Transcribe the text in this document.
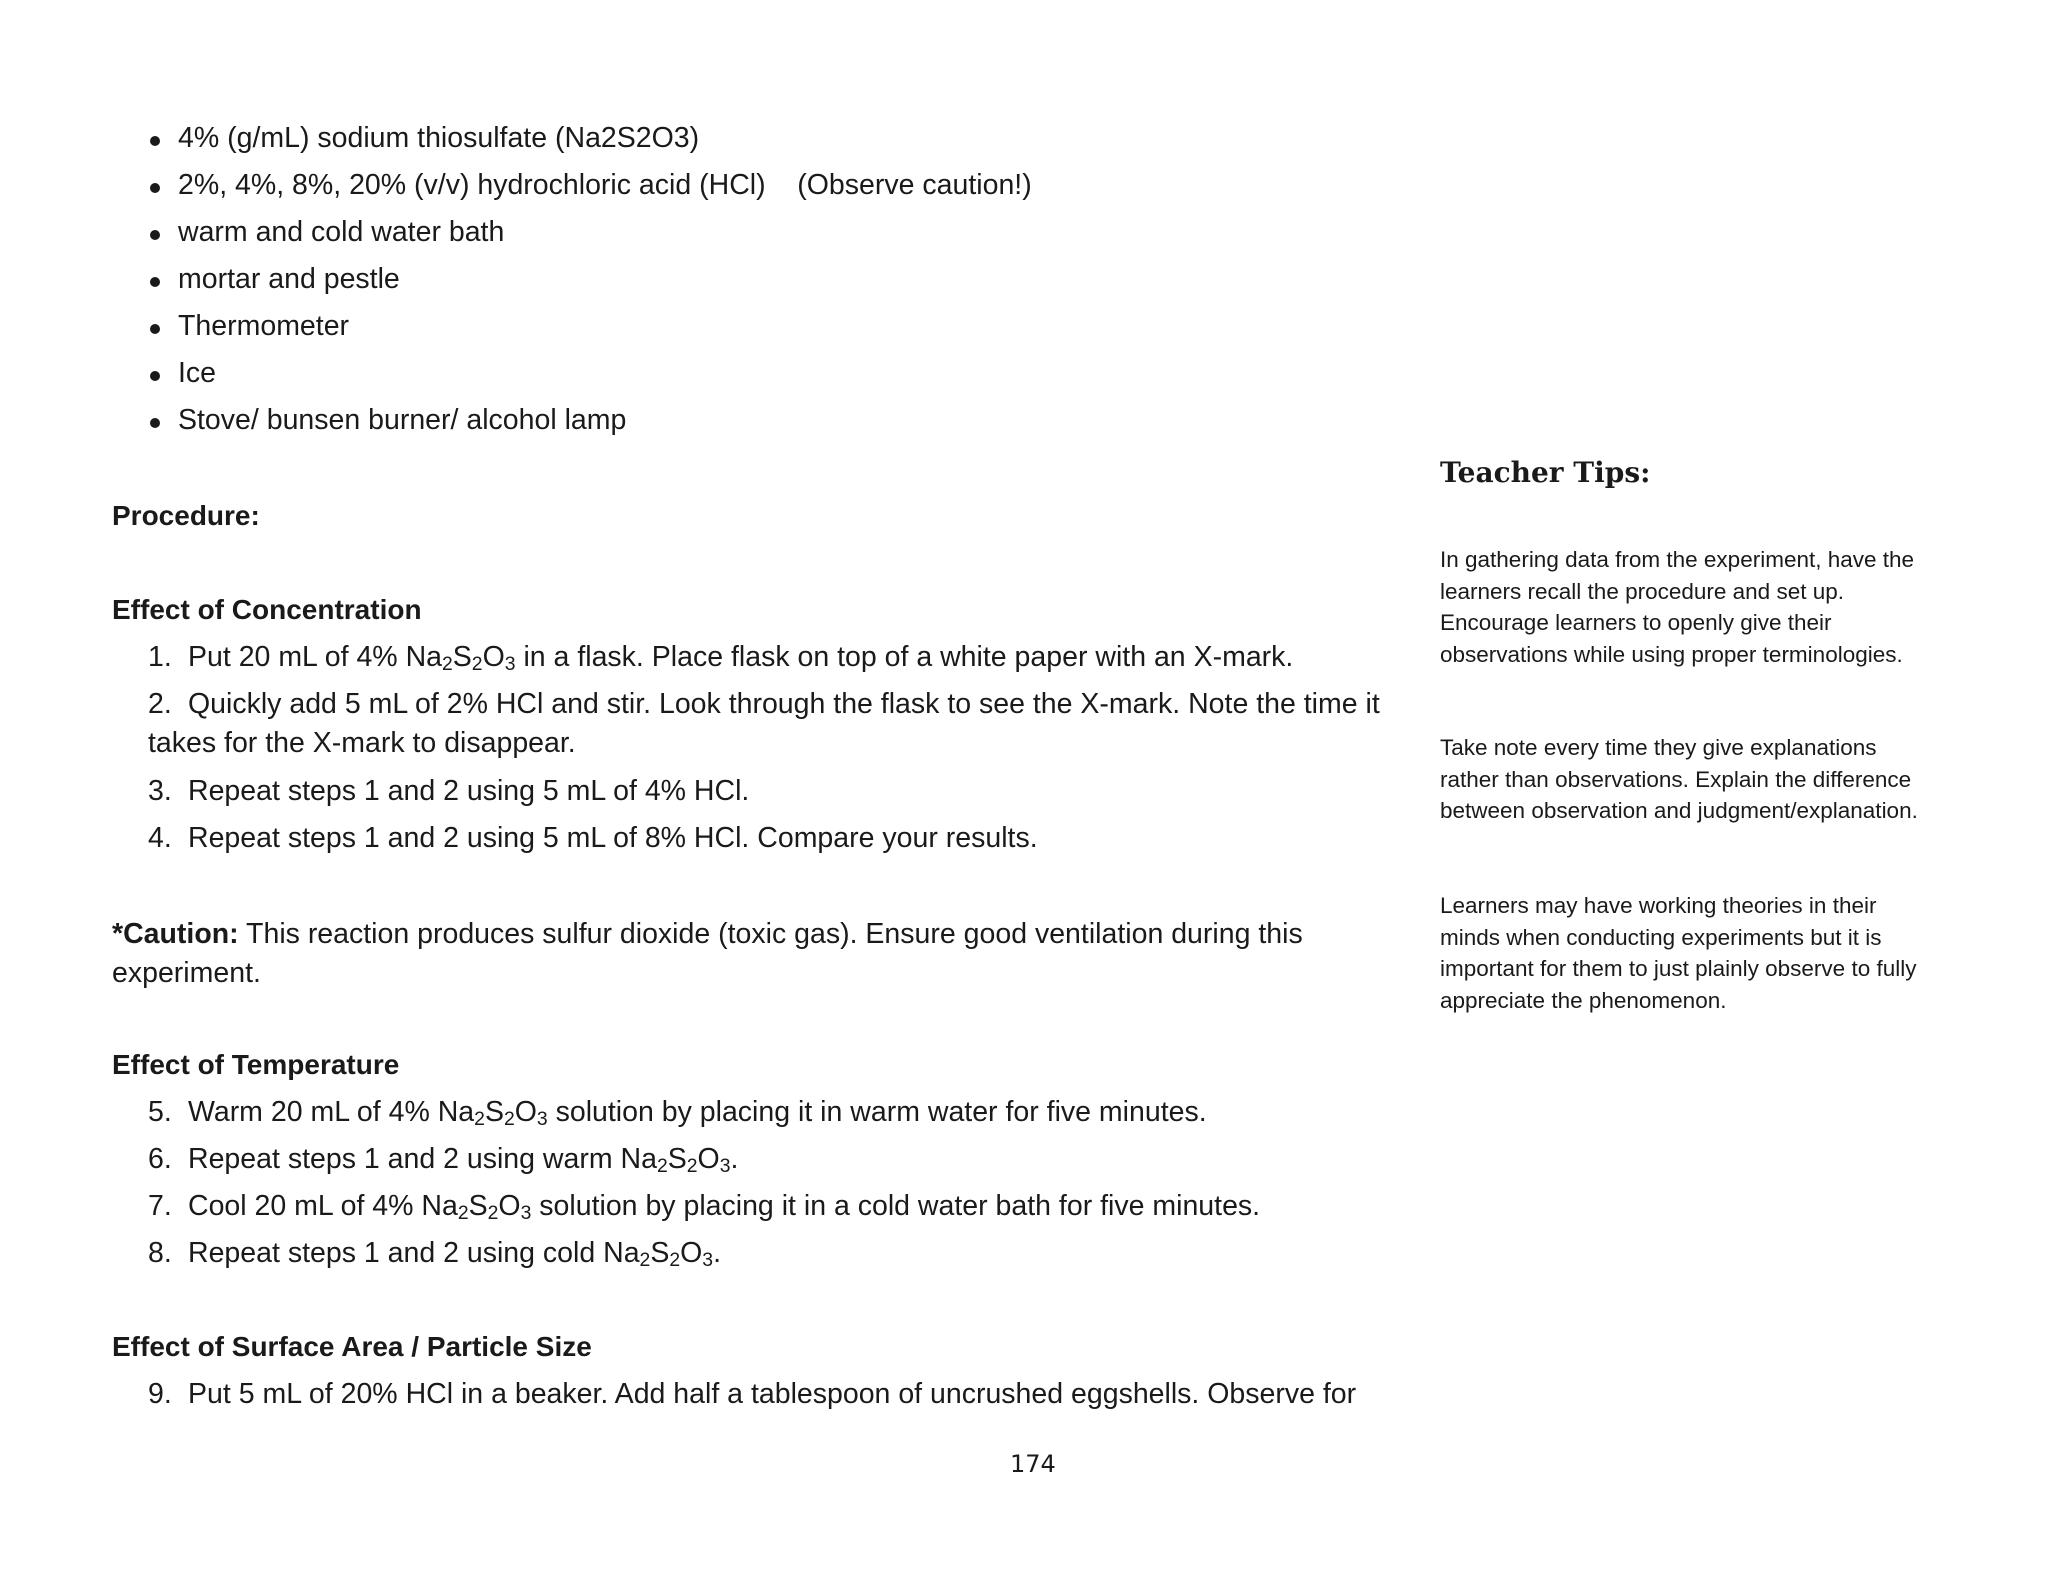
4% (g/mL) sodium thiosulfate (Na2S2O3)
2%, 4%, 8%, 20% (v/v) hydrochloric acid (HCl)    (Observe caution!)
warm and cold water bath
mortar and pestle
Thermometer
Ice
Stove/ bunsen burner/ alcohol lamp
Procedure:
Effect of Concentration
1. Put 20 mL of 4% $Na_2S_2O_3$ in a flask. Place flask on top of a white paper with an X-mark.
2. Quickly add 5 mL of 2% HCl and stir. Look through the flask to see the X-mark. Note the time it takes for the X-mark to disappear.
3. Repeat steps 1 and 2 using 5 mL of 4% HCl.
4. Repeat steps 1 and 2 using 5 mL of 8% HCl. Compare your results.
*Caution: This reaction produces sulfur dioxide (toxic gas). Ensure good ventilation during this experiment.
Effect of Temperature
5. Warm 20 mL of 4% $Na_2S_2O_3$ solution by placing it in warm water for five minutes.
6. Repeat steps 1 and 2 using warm $Na_2S_2O_3$.
7. Cool 20 mL of 4% $Na_2S_2O_3$ solution by placing it in a cold water bath for five minutes.
8. Repeat steps 1 and 2 using cold $Na_2S_2O_3$.
Effect of Surface Area / Particle Size
9. Put 5 mL of 20% HCl in a beaker. Add half a tablespoon of uncrushed eggshells. Observe for
Teacher Tips:
In gathering data from the experiment, have the learners recall the procedure and set up. Encourage learners to openly give their observations while using proper terminologies.
Take note every time they give explanations rather than observations. Explain the difference between observation and judgment/explanation.
Learners may have working theories in their minds when conducting experiments but it is important for them to just plainly observe to fully appreciate the phenomenon.
174
